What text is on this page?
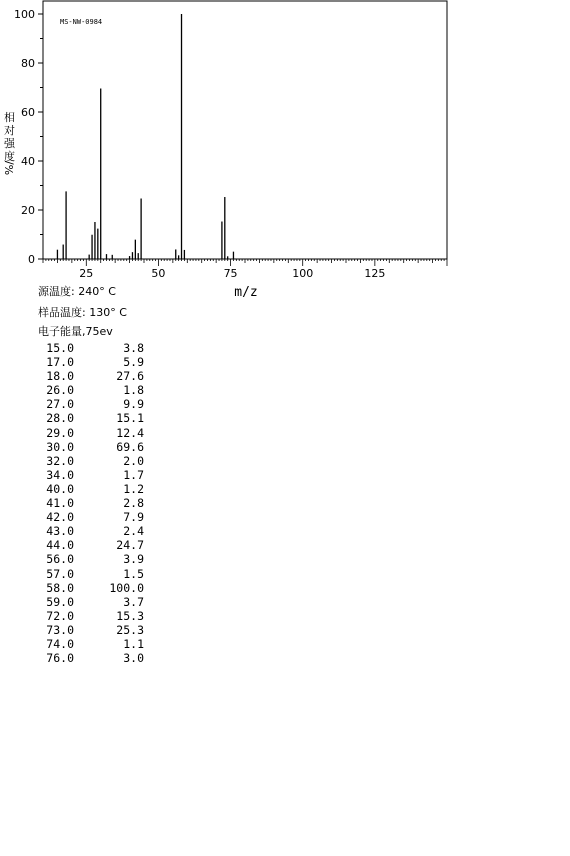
MS-NW-0984
0
20
40
60
80
100
25	50	75	100	125
%/
相
对
强
度
m/z
源温度: 240° C
样品温度: 130° C
电子能量,75ev
15.0	3.8
17.0	5.9
18.0	27.6
26.0	1.8
27.0	9.9
28.0	15.1
29.0	12.4
30.0	69.6
32.0	2.0
34.0	1.7
40.0	1.2
41.0	2.8
42.0	7.9
43.0	2.4
44.0	24.7
56.0	3.9
57.0	1.5
58.0	100.0
59.0	3.7
72.0	15.3
73.0	25.3
74.0	1.1
76.0	3.0
